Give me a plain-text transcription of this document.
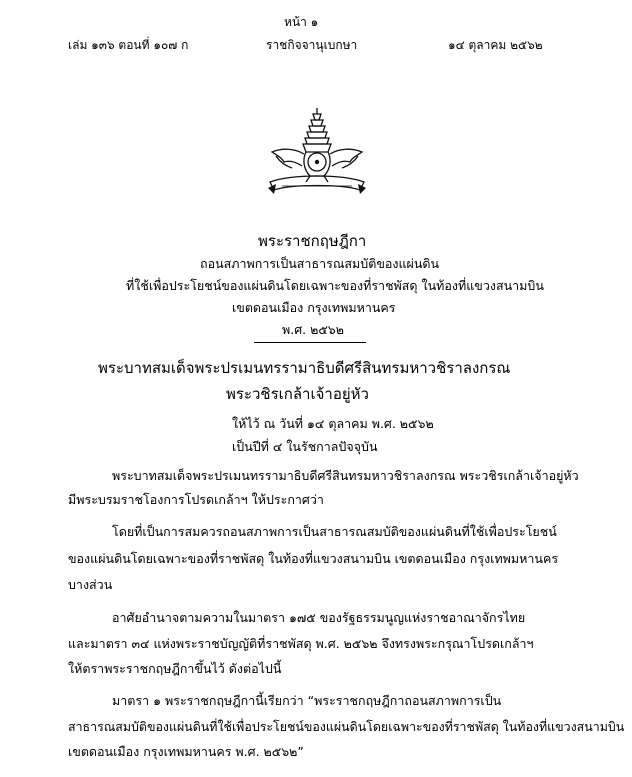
หน้า ๑
เล่ม ๑๓๖ ตอนที่ ๑๐๗ ก	ราชกิจจานุเบกษา	๑๔ ตุลาคม ๒๕๖๒
พระราชกฤษฎีกา
ถอนสภาพการเป็นสาธารณสมบัติของแผ่นดิน
ที่ใช้เพื่อประโยชน์ของแผ่นดินโดยเฉพาะของที่ราชพัสดุ ในท้องที่แขวงสนามบิน
เขตดอนเมือง กรุงเทพมหานคร
พ.ศ. ๒๕๖๒
พระบาทสมเด็จพระปรเมนทรรามาธิบดีศรีสินทรมหาวชิราลงกรณ
พระวชิรเกล้าเจ้าอยู่หัว
ให้ไว้ ณ วันที่ ๑๔ ตุลาคม พ.ศ. ๒๕๖๒
เป็นปีที่ ๔ ในรัชกาลปัจจุบัน
พระบาทสมเด็จพระปรเมนทรรามาธิบดีศรีสินทรมหาวชิราลงกรณ พระวชิรเกล้าเจ้าอยู่หัว
มีพระบรมราชโองการโปรดเกล้าฯ ให้ประกาศว่า
โดยที่เป็นการสมควรถอนสภาพการเป็นสาธารณสมบัติของแผ่นดินที่ใช้เพื่อประโยชน์
ของแผ่นดินโดยเฉพาะของที่ราชพัสดุ ในท้องที่แขวงสนามบิน เขตดอนเมือง กรุงเทพมหานคร
บางส่วน
อาศัยอำนาจตามความในมาตรา ๑๗๕ ของรัฐธรรมนูญแห่งราชอาณาจักรไทย
และมาตรา ๓๔ แห่งพระราชบัญญัติที่ราชพัสดุ พ.ศ. ๒๕๖๒ จึงทรงพระกรุณาโปรดเกล้าฯ
ให้ตราพระราชกฤษฎีกาขึ้นไว้ ดังต่อไปนี้
มาตรา ๑ พระราชกฤษฎีกานี้เรียกว่า “พระราชกฤษฎีกาถอนสภาพการเป็น
สาธารณสมบัติของแผ่นดินที่ใช้เพื่อประโยชน์ของแผ่นดินโดยเฉพาะของที่ราชพัสดุ ในท้องที่แขวงสนามบิน
เขตดอนเมือง กรุงเทพมหานคร พ.ศ. ๒๕๖๒”
